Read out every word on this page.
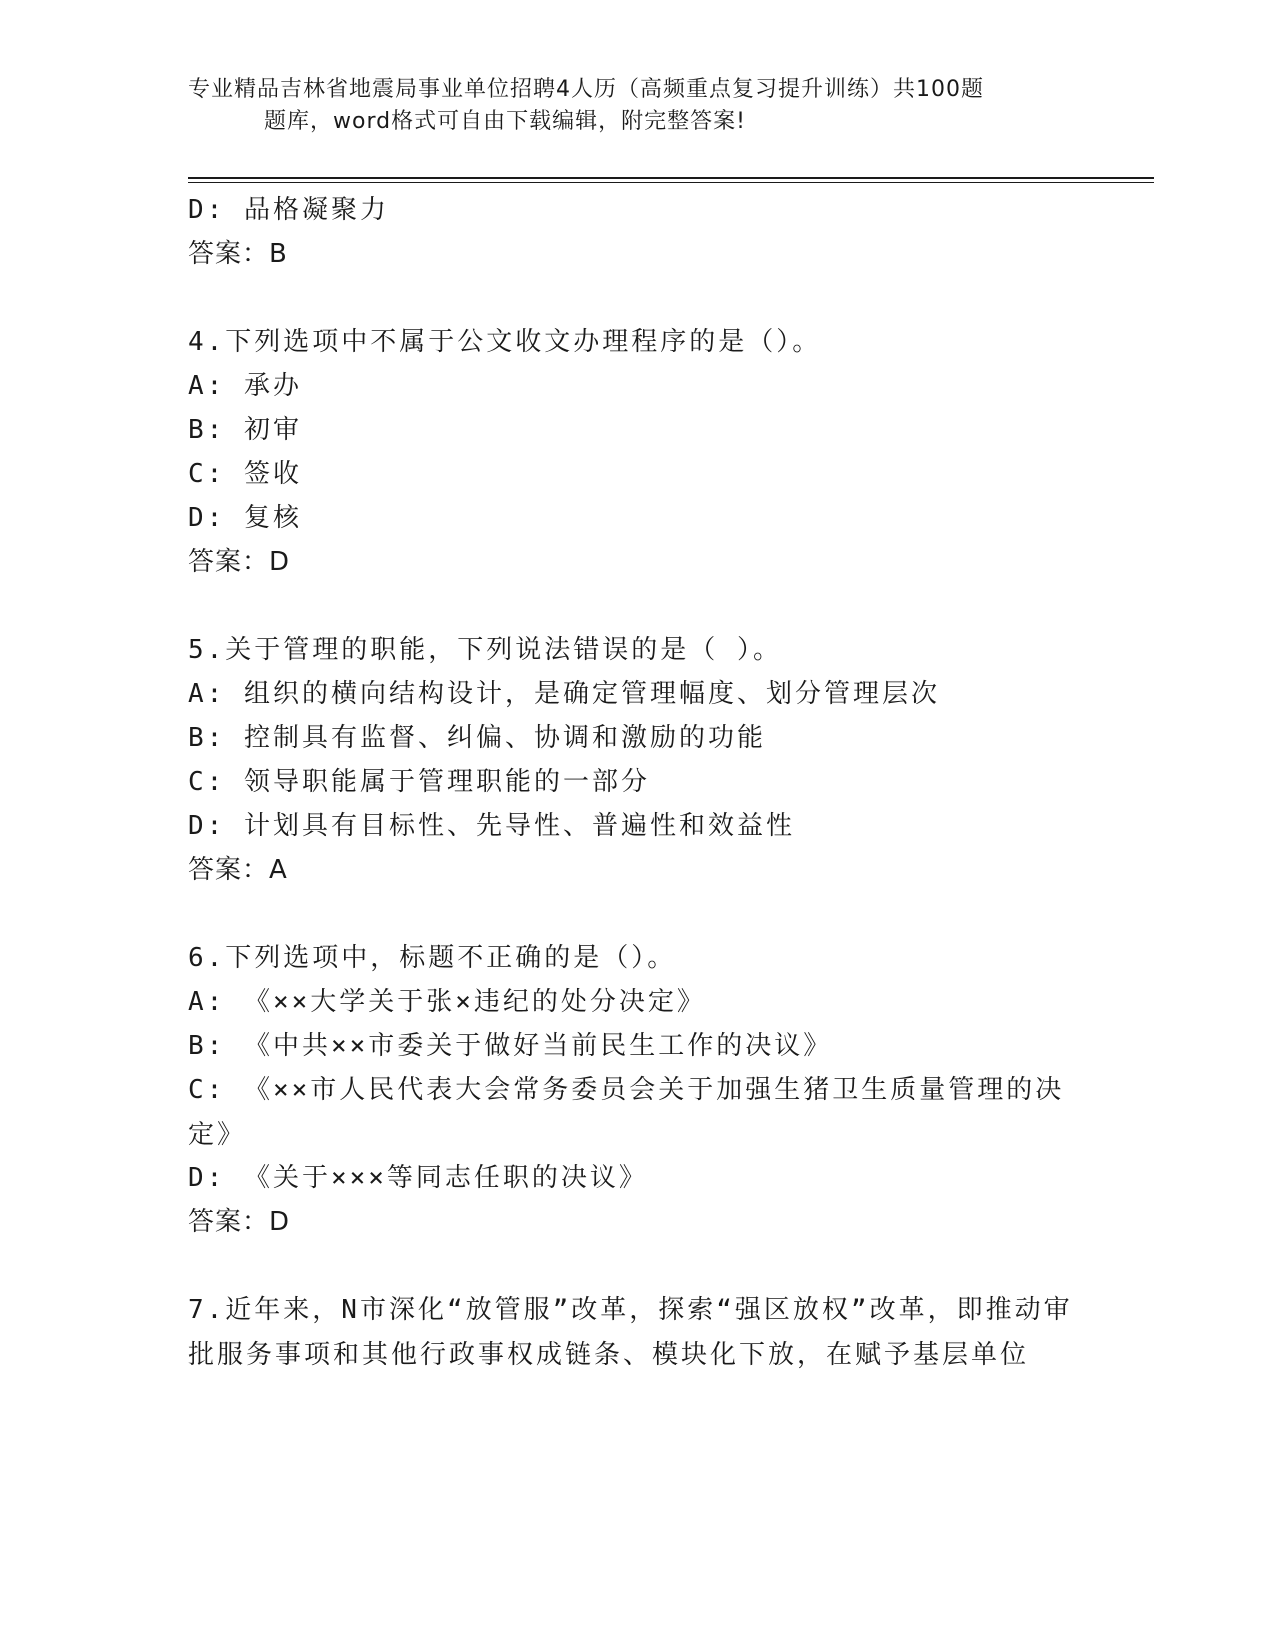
专业精品吉林省地震局事业单位招聘4人历（高频重点复习提升训练）共100题
题库，word格式可自由下载编辑，附完整答案!
D: 品格凝聚力
答案：B
4.下列选项中不属于公文收文办理程序的是（）。
A: 承办
B: 初审
C: 签收
D: 复核
答案：D
5.关于管理的职能，下列说法错误的是（ ）。
A: 组织的横向结构设计，是确定管理幅度、划分管理层次
B: 控制具有监督、纠偏、协调和激励的功能
C: 领导职能属于管理职能的一部分
D: 计划具有目标性、先导性、普遍性和效益性
答案：A
6.下列选项中，标题不正确的是（）。
A: 《××大学关于张×违纪的处分决定》
B: 《中共××市委关于做好当前民生工作的决议》
C: 《××市人民代表大会常务委员会关于加强生猪卫生质量管理的决定》
D: 《关于×××等同志任职的决议》
答案：D
7.近年来，N市深化“放管服”改革，探索“强区放权”改革，即推动审批服务事项和其他行政事权成链条、模块化下放，在赋予基层单位
